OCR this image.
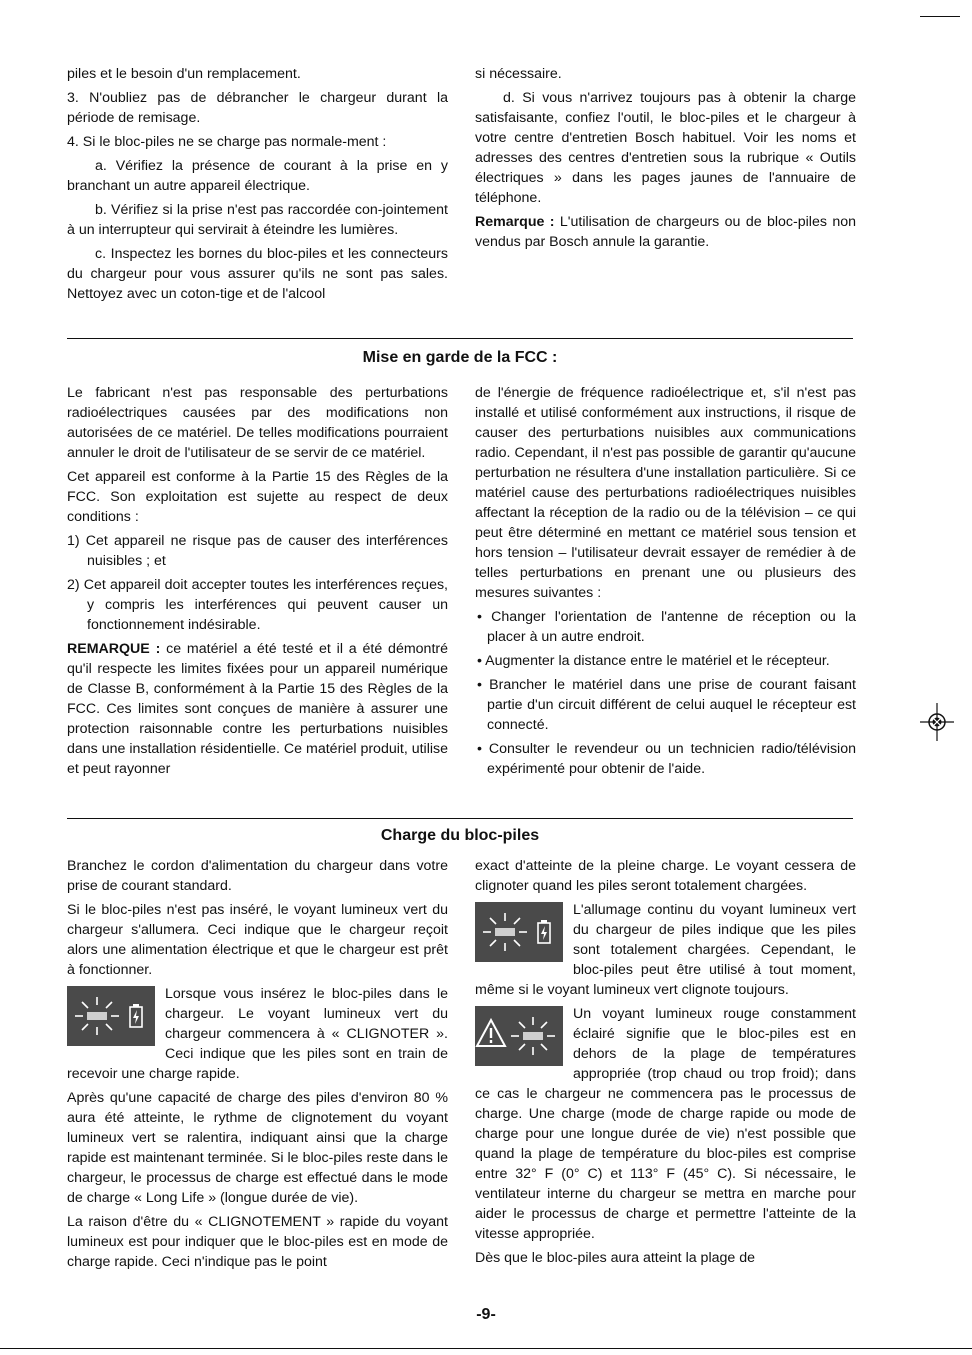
piles et le besoin d'un remplacement.

3. N'oubliez pas de débrancher le chargeur durant la période de remisage.

4. Si le bloc-piles ne se charge pas normale-ment :

a. Vérifiez la présence de courant à la prise en y branchant un autre appareil électrique.

b. Vérifiez si la prise n'est pas raccordée con-jointement à un interrupteur qui servirait à éteindre les lumières.

c. Inspectez les bornes du bloc-piles et les connecteurs du chargeur pour vous assurer qu'ils ne sont pas sales. Nettoyez avec un coton-tige et de l'alcool

si nécessaire.

d. Si vous n'arrivez toujours pas à obtenir la charge satisfaisante, confiez l'outil, le bloc-piles et le chargeur à votre centre d'entretien Bosch habituel. Voir les noms et adresses des centres d'entretien sous la rubrique « Outils électriques » dans les pages jaunes de l'annuaire de téléphone.

Remarque : L'utilisation de chargeurs ou de bloc-piles non vendus par Bosch annule la garantie.

Mise en garde de la FCC :

Le fabricant n'est pas responsable des perturbations radioélectriques causées par des modifications non autorisées de ce matériel. De telles modifications pourraient annuler le droit de l'utilisateur de se servir de ce matériel.

Cet appareil est conforme à la Partie 15 des Règles de la FCC. Son exploitation est sujette au respect de deux conditions :

1) Cet appareil ne risque pas de causer des interférences nuisibles ; et

2) Cet appareil doit accepter toutes les interférences reçues, y compris les interférences qui peuvent causer un fonctionnement indésirable.

REMARQUE : ce matériel a été testé et il a été démontré qu'il respecte les limites fixées pour un appareil numérique de Classe B, conformément à la Partie 15 des Règles de la FCC. Ces limites sont conçues de manière à assurer une protection raisonnable contre les perturbations nuisibles dans une installation résidentielle. Ce matériel produit, utilise et peut rayonner

de l'énergie de fréquence radioélectrique et, s'il n'est pas installé et utilisé conformément aux instructions, il risque de causer des perturbations nuisibles aux communications radio. Cependant, il n'est pas possible de garantir qu'aucune perturbation ne résultera d'une installation particulière. Si ce matériel cause des perturbations radioélectriques nuisibles affectant la réception de la radio ou de la télévision – ce qui peut être déterminé en mettant ce matériel sous tension et hors tension – l'utilisateur devrait essayer de remédier à de telles perturbations en prenant une ou plusieurs des mesures suivantes :

• Changer l'orientation de l'antenne de réception ou la placer à un autre endroit.

• Augmenter la distance entre le matériel et le récepteur.

• Brancher le matériel dans une prise de courant faisant partie d'un circuit différent de celui auquel le récepteur est connecté.

• Consulter le revendeur ou un technicien radio/télévision expérimenté pour obtenir de l'aide.

Charge du bloc-piles

Branchez le cordon d'alimentation du chargeur dans votre prise de courant standard.

Si le bloc-piles n'est pas inséré, le voyant lumineux vert du chargeur s'allumera. Ceci indique que le chargeur reçoit alors une alimentation électrique et que le chargeur est prêt à fonctionner.

Lorsque vous insérez le bloc-piles dans le chargeur. Le voyant lumineux vert du chargeur commencera à « CLIGNOTER ». Ceci indique que les piles sont en train de recevoir une charge rapide.

Après qu'une capacité de charge des piles d'environ 80 % aura été atteinte, le rythme de clignotement du voyant lumineux vert se ralentira, indiquant ainsi que la charge rapide est maintenant terminée. Si le bloc-piles reste dans le chargeur, le processus de charge est effectué dans le mode de charge « Long Life » (longue durée de vie).

La raison d'être du « CLIGNOTEMENT » rapide du voyant lumineux est pour indiquer que le bloc-piles est en mode de charge rapide. Ceci n'indique pas le point

exact d'atteinte de la pleine charge. Le voyant cessera de clignoter quand les piles seront totalement chargées.

L'allumage continu du voyant lumineux vert du chargeur de piles indique que les piles sont totalement chargées. Cependant, le bloc-piles peut être utilisé à tout moment, même si le voyant lumineux vert clignote toujours.

Un voyant lumineux rouge constamment éclairé signifie que le bloc-piles est en dehors de la plage de températures appropriée (trop chaud ou trop froid); dans ce cas le chargeur ne commencera pas le processus de charge. Une charge (mode de charge rapide ou mode de charge pour une longue durée de vie) n'est possible que quand la plage de température du bloc-piles est comprise entre 32° F (0° C) et 113° F (45° C). Si nécessaire, le ventilateur interne du chargeur se mettra en marche pour aider le processus de charge et permettre l'atteinte de la vitesse appropriée.

Dès que le bloc-piles aura atteint la plage de

-9-
